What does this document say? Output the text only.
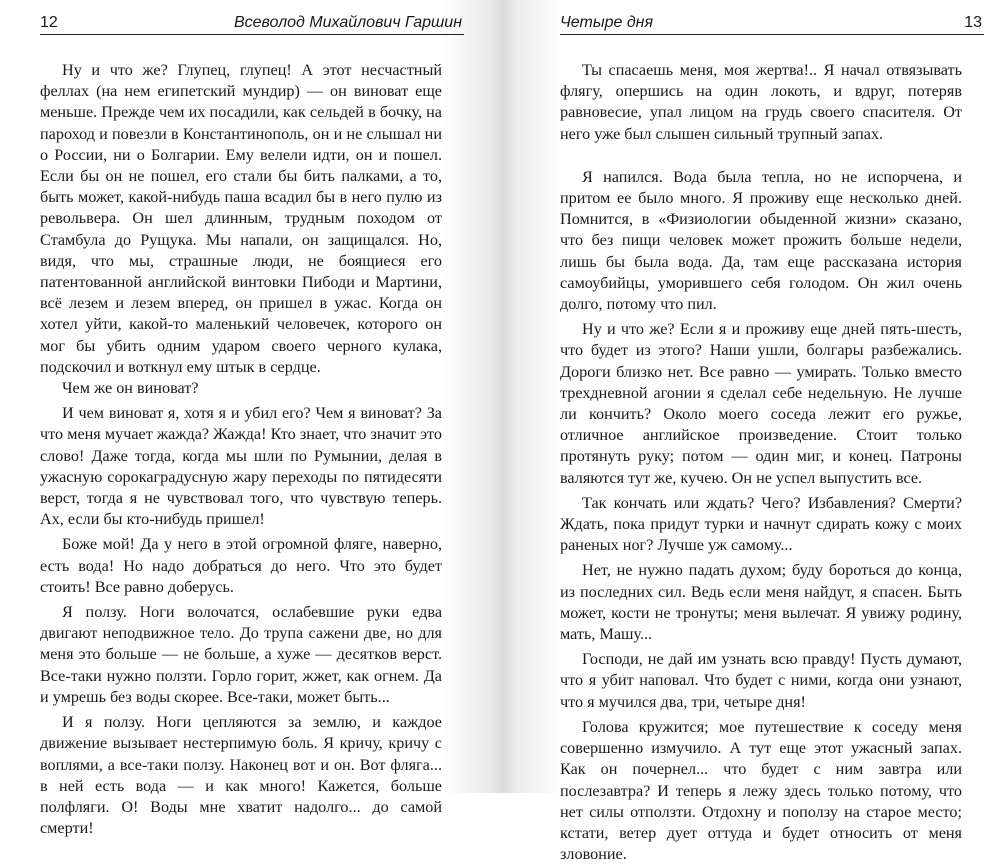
12	Всеволод Михайлович Гаршин

Ну и что же? Глупец, глупец! А этот несчастный феллах (на нем египетский мундир) — он виноват еще меньше. Прежде чем их посадили, как сельдей в бочку, на пароход и повезли в Константинополь, он и не слышал ни о России, ни о Болгарии. Ему велели идти, он и пошел. Если бы он не пошел, его стали бы бить палками, а то, быть может, какой-нибудь паша всадил бы в него пулю из револьвера. Он шел длинным, трудным походом от Стамбула до Рущука. Мы напали, он защищался. Но, видя, что мы, страшные люди, не боящиеся его патентованной английской винтовки Пибоди и Мартини, всё лезем и лезем вперед, он пришел в ужас. Когда он хотел уйти, какой-то маленький человечек, которого он мог бы убить одним ударом своего черного кулака, подскочил и воткнул ему штык в сердце.

Чем же он виноват?

И чем виноват я, хотя я и убил его? Чем я виноват? За что меня мучает жажда? Жажда! Кто знает, что значит это слово! Даже тогда, когда мы шли по Румынии, делая в ужасную сорокаградусную жару переходы по пятидесяти верст, тогда я не чувствовал того, что чувствую теперь. Ах, если бы кто-нибудь пришел!

Боже мой! Да у него в этой огромной фляге, наверно, есть вода! Но надо добраться до него. Что это будет стоить! Все равно доберусь.

Я ползу. Ноги волочатся, ослабевшие руки едва двигают неподвижное тело. До трупа сажени две, но для меня это больше — не больше, а хуже — десятков верст. Все-таки нужно ползти. Горло горит, жжет, как огнем. Да и умрешь без воды скорее. Все-таки, может быть...

И я ползу. Ноги цепляются за землю, и каждое движение вызывает нестерпимую боль. Я кричу, кричу с воплями, а все-таки ползу. Наконец вот и он. Вот фляга... в ней есть вода — и как много! Кажется, больше полфляги. О! Воды мне хватит надолго... до самой смерти!

Четыре дня	13

Ты спасаешь меня, моя жертва!.. Я начал отвязывать флягу, опершись на один локоть, и вдруг, потеряв равновесие, упал лицом на грудь своего спасителя. От него уже был слышен сильный трупный запах.

Я напился. Вода была тепла, но не испорчена, и притом ее было много. Я проживу еще несколько дней. Помнится, в «Физиологии обыденной жизни» сказано, что без пищи человек может прожить больше недели, лишь бы была вода. Да, там еще рассказана история самоубийцы, уморившего себя голодом. Он жил очень долго, потому что пил.

Ну и что же? Если я и проживу еще дней пять-шесть, что будет из этого? Наши ушли, болгары разбежались. Дороги близко нет. Все равно — умирать. Только вместо трехдневной агонии я сделал себе недельную. Не лучше ли кончить? Около моего соседа лежит его ружье, отличное английское произведение. Стоит только протянуть руку; потом — один миг, и конец. Патроны валяются тут же, кучею. Он не успел выпустить все.

Так кончать или ждать? Чего? Избавления? Смерти? Ждать, пока придут турки и начнут сдирать кожу с моих раненых ног? Лучше уж самому...

Нет, не нужно падать духом; буду бороться до конца, из последних сил. Ведь если меня найдут, я спасен. Быть может, кости не тронуты; меня вылечат. Я увижу родину, мать, Машу...

Господи, не дай им узнать всю правду! Пусть думают, что я убит наповал. Что будет с ними, когда они узнают, что я мучился два, три, четыре дня!

Голова кружится; мое путешествие к соседу меня совершенно измучило. А тут еще этот ужасный запах. Как он почернел... что будет с ним завтра или послезавтра? И теперь я лежу здесь только потому, что нет силы отползти. Отдохну и поползу на старое место; кстати, ветер дует оттуда и будет относить от меня зловоние.
